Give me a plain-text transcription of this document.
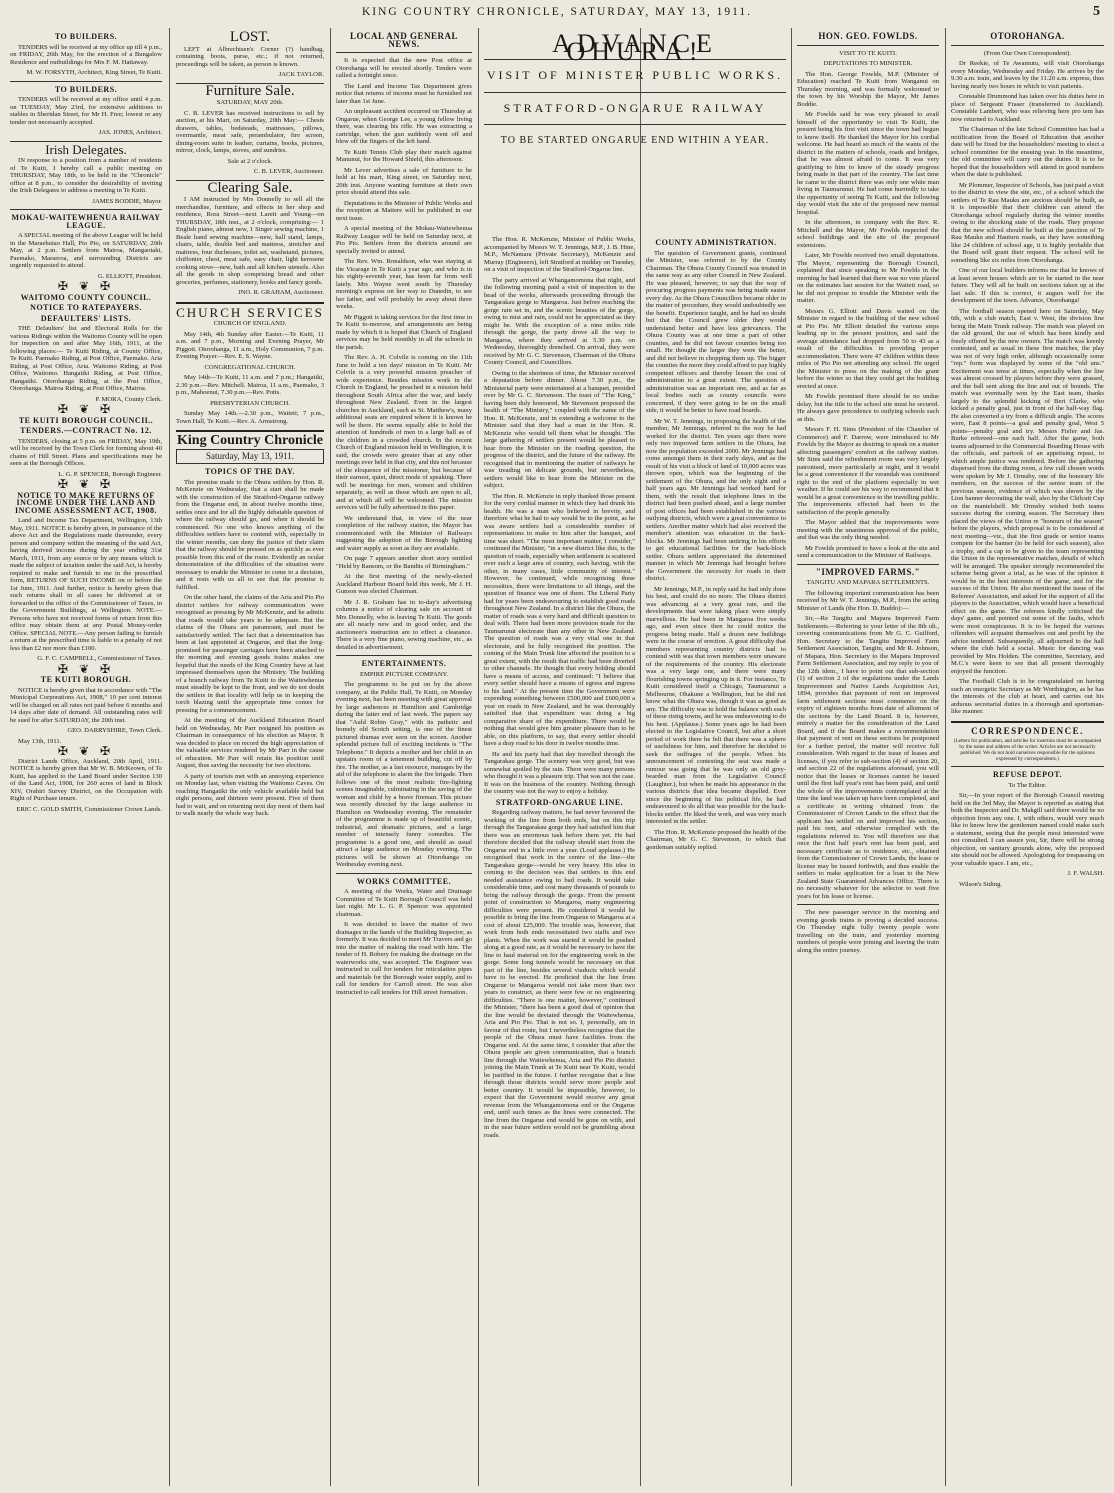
KING COUNTRY CHRONICLE, SATURDAY, MAY 13, 1911.	5
TO BUILDERS.

TENDERS will be received at my office up till 4 p.m., on FRIDAY, 26th May, for the erection of a Bungalow Residence and outbuildings for Mrs F. M. Hattaway.

M. W. FORSYTH, Architect, King Street, Te Kuiti.

TO BUILDERS.

TENDERS will be received at my office until 4 p.m. on TUESDAY, May 23rd, for extensive additions to stables in Sheridan Street, for Mr H. Free; lowest or any tender not necessarily accepted.

JAS. JONES, Architect.

Irish Delegates.

IN response to a position from a number of residents of Te Kuiti, I hereby call a public meeting on THURSDAY, May 18th, to be held in the "Chronicle" office at 8 p.m., to consider the desirability of inviting the Irish Delegates to address a meeting in Te Kuiti.

JAMES BODDIE, Mayor.

MOKAU-WAITEWHENUA RAILWAY LEAGUE.

A SPECIAL meeting of the above League will be held in the Maraehuiao Hall, Pio Pio, on SATURDAY, 20th May, at 2 p.m. Settlers from Mairoa, Mangaotaki, Paemako, Maraeroa, and surrounding Districts are urgently requested to attend.

G. ELLIOTT, President.

✠ ❦ ✠
WAITOMO COUNTY COUNCIL.
NOTICE TO RATEPAYERS.
DEFAULTERS' LISTS.

THE Defaulters' list and Electoral Rolls for the various Ridings within the Waitomo County will be open for inspection on and after May 16th, 1911, at the following places:— Te Kuiti Riding, at County Office, Te Kuiti. Paemako Riding, at Post Office, Paemako. Aria Riding, at Post Office, Aria. Waitomo Riding, at Post Office, Waitomo. Hangatiki Riding, at Post Office, Hangatiki. Otorohanga Riding, at the Post Office, Otorohanga. Mairoa Riding, at Post Office, Mairoa.

P. MORA, County Clerk.

✠ ❦ ✠
TE KUITI BOROUGH COUNCIL.
TENDERS.—CONTRACT No. 12.

TENDERS, closing at 5 p.m. on FRIDAY, May 19th, will be received by the Town Clerk for forming about 40 chains of Hill Street. Plans and specifications may be seen at the Borough Offices.

L. G. P. SPENCER, Borough Engineer.

✠ ❦ ✠
NOTICE TO MAKE RETURNS OF INCOME UNDER THE LAND AND INCOME ASSESSMENT ACT, 1908.

Land and Income Tax Department, Wellington, 13th May, 1911. NOTICE is hereby given, in pursuance of the above Act and the Regulations made thereunder, every person and company within the meaning of the said Act, having derived income during the year ending 31st March, 1911, from any source or by any means which is made the subject of taxation under the said Act, is hereby required to make and furnish to me in the prescribed form, RETURNS OF SUCH INCOME on or before the 1st June, 1911. And further, notice is hereby given that such returns shall in all cases be delivered at or forwarded to the office of the Commissioner of Taxes, in the Government Buildings, at Wellington. NOTE.—Persons who have not received forms of return from this office may obtain them at any Postal Money-order Office. SPECIAL NOTE.—Any person failing to furnish a return at the prescribed time is liable to a penalty of not less than £2 nor more than £100.

G. F. C. CAMPBELL, Commissioner of Taxes.

✠ ❦ ✠
TE KUITI BOROUGH.

NOTICE is hereby given that in accordance with "The Municipal Corporations Act, 1908," 10 per cent interest will be charged on all rates not paid before 6 months and 14 days after date of demand. All outstanding rates will be sued for after SATURDAY, the 20th inst.

GEO. DARRYSHIRE, Town Clerk.

May 13th, 1911.

✠ ❦ ✠

District Lands Office, Auckland, 20th April, 1911. NOTICE is hereby given that Mr W. B. McKeown, of Te Kuiti, has applied to the Land Board under Section 130 of the Land Act, 1908, for 260 acres of land in Block XIV, Orahiri Survey District, on the Occupation with Right of Purchase tenure.

ERIC C. GOLD SMITH, Commissioner Crown Lands.

LOST.

LEFT at Albrechtsen's Corner (?) handbag, containing boots, purse, etc.; if not returned, proceedings will be taken, as person is known.

JACK TAYLOR.

Furniture Sale.

SATURDAY, MAY 20th.

C. B. LEVER has received instructions to sell by auction, at his Mart, on Saturday, 20th May:— Chests drawers, tables, bedsteads, mattresses, pillows, overmantle, meat safe, perambulator, fire screen, dining-room suite in leather, curtains, books, pictures, mirror, clock, lamps, stoves, and sundries.

Sale at 2 o'clock.

C. B. LEVER, Auctioneer.

Clearing Sale.

I AM instructed by Mrs Donnelly to sell all the merchandise, furniture, and effects in her shop and residence, Rora Street—next Lareit and Young—on THURSDAY, 18th inst., at 2 o'clock, comprising:— 1 English piano, almost new, 1 Singer sewing machine, 1 Beale hand sewing machine—new, hall stand, lamps, chairs, table, double bed and mattress, stretcher and mattress, four duchesses, toilet set, washstand, pictures, chiffonier, chest, meat safe, easy chair, light kerosene cooking stove—new, bath and all kitchen utensils. Also all the goods in shop comprising bread and other groceries, perfumes, stationery, books and fancy goods.

JNO. R. GRAHAM, Auctioneer.

CHURCH SERVICES

CHURCH OF ENGLAND.

May 14th, 4th Sunday after Easter.—Te Kuiti, 11 a.m. and 7 p.m., Morning and Evening Prayer, Mr Piggott. Otorohanga, 11 a.m., Holy Communion, 7 p.m. Evening Prayer.—Rev. E. S. Wayne.

CONGREGATIONAL CHURCH.

May 14th—Te Kuiti, 11 a.m. and 7 p.m.; Hangatiki, 2.30 p.m.—Rev. Mitchell. Mairoa, 11 a.m., Paemako, 3 p.m., Mahoenui, 7.30 p.m.—Rev. Potts.

PRESBYTERIAN CHURCH.

Sunday May 14th.—2.30 p.m., Waiteti; 7 p.m., Town Hall, Te Kuiti.—Rev. A. Armstrong.

King Country Chronicle

Saturday, May 13, 1911.

TOPICS OF THE DAY.

The promise made to the Ohura settlers by Hon. R. McKenzie on Wednesday, that a start shall be made with the construction of the Stratford-Ongarue railway from the Ongarue end, in about twelve months time, settles once and for all the highly debatable question of where the railway should go, and when it should be commenced. No one who knows anything of the difficulties settlers have to contend with, especially in the winter months, can deny the justice of their claim that the railway should be pressed on as quickly as ever possible from this end of the route. Evidently an ocular demonstration of the difficulties of the situation were necessary to enable the Minister to come to a decision, and it rests with us all to see that the promise is fulfilled.

On the other hand, the claims of the Aria and Pio Pio district settlers for railway communication were recognised as pressing by Mr McKenzie, and he admits that roads would take years to be adequate. But the claims of the Ohura are paramount, and must be satisfactorily settled. The fact that a determination has been at last appointed at Ongarue, and that the long-promised for passenger carriages have been attached to the morning and evening goods trains makes one hopeful that the needs of the King Country have at last impressed themselves upon the Ministry. The building of a branch railway from Te Kuiti to the Waitewhenua must steadily be kept to the front, and we do not doubt the settlers in that locality will help us in keeping the torch blazing until the appropriate time comes for pressing for a commencement.

At the meeting of the Auckland Education Board held on Wednesday, Mr Parr resigned his position as Chairman in consequence of his election as Mayor. It was decided to place on record the high appreciation of the valuable services rendered by Mr Parr in the cause of education. Mr Parr will retain his position until August, thus saving the necessity for two elections.

A party of tourists met with an annoying experience on Monday last, when visiting the Waitomo Caves. On reaching Hangatiki the only vehicle available held but eight persons, and thirteen were present. Five of them had to wait, and on returning next day most of them had to walk nearly the whole way back.

LOCAL AND GENERAL NEWS.

It is expected that the new Post office at Otorohanga will be erected shortly. Tenders were called a fortnight since.

The Land and Income Tax Department gives notice that returns of income must be furnished not later than 1st June.

An unpleasant accident occurred on Thursday at Ongarue, when George Lee, a young fellow living there, was clearing his rifle. He was extracting a cartridge, when the gun suddenly went off and blew off the fingers of the left hand.

Te Kuiti Tennis Club play their match against Manunui, for the Howard Shield, this afternoon.

Mr Lever advertises a sale of furniture to be held at his mart, King street, on Saturday next, 20th inst. Anyone wanting furniture at their own price should attend this sale.

Deputations to the Minister of Public Works and the reception at Mattere will be published in our next issue.

A special meeting of the Mokau-Waitewhenua Railway League will be held on Saturday next, at Pio Pio. Settlers from the districts around are specially invited to attend.

The Rev. Wm. Ronaldson, who was staying at the Vicarage in Te Kuiti a year ago, and who is in his eighty-seventh year, has been far from well lately. Mrs Wayne went south by Thursday morning's express on her way to Dunedin, to see her father, and will probably be away about three weeks.

Mr Piggott is taking services for the first time in Te Kuiti to-morrow, and arrangements are being made by which it is hoped that Church of England services may be held monthly in all the schools in the parish.

The Rev. A. H. Colvile is coming on the 11th June to hold a ten days' mission in Te Kuiti. Mr Colvile is a very powerful mission preacher of wide experience. Besides mission work in the Church in England, he preached in a mission held throughout South Africa after the war, and lately throughout New Zealand. Even in the largest churches in Auckland, such as St. Matthew's, many additional seats are required where it is known he will be there. He seems equally able to hold the attention of hundreds of men in a large hall as of the children in a crowded church. In the recent Church of England mission held in Wellington, it is said, the crowds were greater than at any other meetings ever held in that city, and this not because of the eloquence of the missioner, but because of their earnest, quiet, direct mode of speaking. There will be meetings for men, women and children separately, as well as those which are open to all, and at which all will be welcomed. The mission services will be fully advertised in this paper.

We understand that, in view of the near completion of the railway station, the Mayor has communicated with the Minister of Railways suggesting the adoption of the Borough lighting and water supply as soon as they are available.

On page 7 appears another short story entitled "Held by Ransom, or the Bandits of Birmingham."

At the first meeting of the newly-elected Auckland Harbour Board held this week, Mr J. H. Gunson was elected Chairman.

Mr J. R. Graham has in to-day's advertising columns a notice of clearing sale on account of Mrs Donnelly, who is leaving Te Kuiti. The goods are all nearly new and in good order, and the auctioneer's instruction are to effect a clearance. There is a very fine piano, sewing machine, etc., as detailed in advertisement.

ENTERTAINMENTS.

EMPIRE PICTURE COMPANY.

The programme to be put on by the above company, at the Public Hall, Te Kuiti, on Monday evening next, has been meeting with great approval by large audiences in Hamilton and Cambridge during the latter end of last week. The papers say that "Auld Robin Gray," with its pathetic and homely old Scotch setting, is one of the finest pictured dramas ever seen on the screen. Another splendid picture full of exciting incidents is "The Telephone." It depicts a mother and her child in an upstairs room of a tenement building, cut off by fire. The mother, as a last resource, manages by the aid of the telephone to alarm the fire brigade. Then follows one of the most realistic fire-fighting scenes imaginable, culminating in the saving of the woman and child by a brave fireman. This picture was recently directed by the large audience in Hamilton on Wednesday evening. The remainder of the programme is made up of beautiful scenic, industrial, and dramatic pictures, and a large number of intensely funny comedies. The programme is a good one, and should as usual attract a large audience on Monday evening. The pictures will be shown at Otorohanga on Wednesday evening next.

WORKS COMMITTEE.

A meeting of the Works, Water and Drainage Committee of Te Kuiti Borough Council was held last night. Mr L. G. P. Spencer was appointed chairman.

It was decided to leave the matter of two drainages in the hands of the Building Inspector, as formerly. It was decided to meet Mr Travers and go into the matter of making the road with him. The tender of H. Robery for making the drainage on the waterworks site, was accepted. The Engineer was instructed to call for tenders for reticulation pipes and materials for the Borough water supply, and to call for tenders for Carroll street. He was also instructed to call tenders for Hill street formation.

ADVANCE OHURA!
VISIT OF MINISTER PUBLIC WORKS.
STRATFORD-ONGARUE RAILWAY
TO BE STARTED ONGARUE END WITHIN A YEAR.

The Hon. R. McKenzie, Minister of Public Works, accompanied by Messrs W. T. Jennings, M.P., J. B. Hine, M.P., McNamara (Private Secretary), McKenzie and Murray (Engineers), left Stratford at midday on Tuesday, on a visit of inspection of the Stratford-Ongarue line.

The party arrived at Whangamomona that night, and the following morning paid a visit of inspection to the head of the works, afterwards proceeding through the Tangarakau gorge to Mangaroa. Just before reaching the gorge rain set in, and the scenic beauties of the gorge, owing to mist and rain, could not be appreciated as they might be. With the exception of a nine miles ride through the gorge, the party drove all the way to Mangaroa, where they arrived at 5.30 p.m. on Wednesday, thoroughly drenched. On arrival, they were received by Mr G. C. Stevenson, Chairman of the Ohura County Council, and Councillors.

Owing to the shortness of time, the Minister received a deputation before dinner. About 7.30 p.m., the Ministerial party were entertained at a banquet, presided over by Mr G. C. Stevenson. The toast of "The King," having been duly honoured, Mr Stevenson proposed the health of "The Ministry," coupled with the name of the Hon. R. McKenzie, and in extending a welcome to the Minister said that they had a man in the Hon. R. McKenzie who would tell them what he thought. The large gathering of settlers present would be pleased to hear from the Minister on the roading question, the progress of the district, and the future of the railway. He recognised that in mentioning the matter of railways he was treading on delicate grounds, but nevertheless, settlers would like to hear from the Minister on the subject.

The Hon. R. McKenzie in reply thanked those present for the very cordial manner in which they had drunk his health. He was a man who believed in brevity, and therefore what he had to say would be to the point, as he was aware settlers had a considerable number of representations to make to him after the banquet, and time was short. "The most important matter, I consider," continued the Minister, "in a new district like this, is the question of roads, especially when settlement is scattered over such a large area of country, each having, with the other, in many cases, little community of interest." However, he continued, while recognising these necessities, there were limitations to all things, and the question of finance was one of them. The Liberal Party had for years been endeavouring to establish good roads throughout New Zealand. In a district like the Ohura, the matter of roads was a very hard and difficult question to deal with. There had been more provision made for the Taumarunui electorate than any other in New Zealand. The question of roads was a very vital one in that electorate, and he fully recognised the position. The coming of the Main Trunk line affected the position to a great extent, with the result that traffic had been diverted to other channels. He thought that every holding should have a means of access, and continued: "I believe that every settler should have a means of egress and ingress to his land." At the present time the Government were expending something between £500,000 and £600,000 a year on roads in New Zealand, and he was thoroughly satisfied that that expenditure was doing a big comparative share of the expenditure. There would be nothing that would give him greater pleasure than to be able, on this platform, to say, that every settler should have a dray road to his door in twelve months time.

He and his party had that day travelled through the Tangarakau gorge. The scenery was very good, but was somewhat spoiled by the rain. There were many persons who thought it was a pleasure trip. That was not the case. It was on the business of the country. Nothing through the country was not the way to enjoy a holiday.

STRATFORD-ONGARUE LINE.

Regarding railway matters, he had never favoured the working of the line from both ends, but on this trip through the Tangarakau gorge they had satisfied him that there was an enormous task before them yet. He had therefore decided that the railway should start from the Ongarue end in a little over a year. (Loud applause.) He recognised that work in the centre of the line—the Tangarakau gorge—would be very heavy. His idea in coming to the decision was that settlers in this end needed assistance owing to bad roads. It would take considerable time, and cost many thousands of pounds to bring the railway through the gorge. From the present point of construction to Mangaroa, many engineering difficulties were present. He considered it would be possible to bring the line from Ongarue to Mangaroa at a cost of about £25,000. The trouble was, however, that work from both ends necessitated two staffs and two plants. When the work was started it would be pushed along at a good rate, as it would be necessary to have the line to haul material on for the engineering work in the gorge. Some long tunnels would be necessary on that part of the line, besides several viaducts which would have to be erected. He predicted that the line from Ongarue to Mangaroa would not take more than two years to construct, as there were few or no engineering difficulties. "There is one matter, however," continued the Minister, "there has been a good deal of opinion that the line would be deviated through the Waitewhenua, Aria and Pio Pio. That is not so. I, personally, am in favour of that route, but I nevertheless recognise that the people of the Ohura must have facilities from the Ongarue end. At the same time, I consider that after the Ohura people are given communication, that a branch line through the Waitewhenua, Aria and Pio Pio district joining the Main Trunk at Te Kuiti near Te Kuiti, would be justified in the future. I further recognise that a line through those districts would serve more people and better country. It would be impossible, however, to expect that the Government would receive any great revenue from the Whangamomona end or the Ongarue end, until such times as the lines were connected. The line from the Ongarue end would be gone on with, and in the near future settlers would not be grumbling about roads.

COUNTY ADMINISTRATION.

The question of Government grants, continued the Minister, was referred to by the County Chairman. The Ohura County Council was treated in the same way as any other Council in New Zealand. He was pleased, however, to say that the way of procuring progress payments was being made easier every day. As the Ohura Councillors became older in the matter of procedure, they would undoubtedly see the benefit. Experience taught, and he had no doubt but that the Council grew older they would understand better and have less grievances. The Ohura County was at one time a part of other counties, and he did not favour counties being too small. He thought the larger they were the better, and did not believe in chopping them up. The bigger the counties the more they could afford to pay highly competent officers and thereby lessen the cost of administration to a great extent. The question of administration was an important one, and as far as local bodies such as county councils were concerned, if they were going to be on the small side, it would be better to have road boards.

Mr W. T. Jennings, in proposing the health of the member, Mr Jennings, referred to the way he had worked for the district. Ten years ago there were only two improved farm settlers in the Ohura, but now the population exceeded 2000. Mr Jennings had come amongst them in their early days, and as the result of his visit a block of land of 10,000 acres was thrown open, which was the beginning of the settlement of the Ohura, and the only eight and a half years ago. Mr Jennings had worked hard for them, with the result that telephone lines in the district had been pushed ahead, and a large number of post offices had been established in the various outlying districts, which were a great convenience to settlers. Another matter which had also received the member's attention was education in the back-blocks. Mr Jennings had been untiring in his efforts to get educational facilities for the back-block settler. Ohura settlers appreciated the determined manner in which Mr Jennings had brought before the Government the necessity for roads in their district.

Mr Jennings, M.P., in reply said he had only done his best, and could do no more. The Ohura district was advancing at a very great rate, and the developments that were taking place were simply marvellous. He had been in Mangaroa five weeks ago, and even since then he could notice the progress being made. Half a dozen new buildings were in the course of erection. A great difficulty that members representing country districts had to contend with was that town members were unaware of the requirements of the country. His electorate was a very large one, and there were many flourishing towns springing up in it. For instance, Te Kuiti considered itself a Chicago, Taumarunui a Melbourne, Ohakune a Wellington, but he did not know what the Ohura was, though it was as good as any. The difficulty was to hold the balance with each of these rising towns, and he was endeavouring to do his best. (Applause.) Some years ago he had been elected to the Legislative Council, but after a short period of work there he felt that there was a sphere of usefulness for him, and therefore he decided to seek the suffrages of the people. When his announcement of contesting the seat was made a rumour was going that he was only an old grey-bearded man from the Legislative Council (Laughter.), but when he made his appearance in the various districts that idea became dispelled. Ever since the beginning of his political life, he had endeavoured to do all that was possible for the back-blocks settler. He liked the work, and was very much interested in the settler.

The Hon. R. McKenzie proposed the health of the Chairman, Mr G. C. Stevenson, to which that gentleman suitably replied.

HON. GEO. FOWLDS.

VISIT TO TE KUITI.

DEPUTATIONS TO MINISTER.

The Hon. George Fowlds, M.P. (Minister of Education) reached Te Kuiti from Wanganui on Thursday morning, and was formally welcomed to the town by his Worship the Mayor, Mr James Boddie.

Mr Fowlds said he was very pleased to avail himself of the opportunity to visit Te Kuiti, the present being his first visit since the town had begun to know itself. He thanked the Mayor for his cordial welcome. He had heard so much of the wants of the district in the matters of schools, roads and bridges, that he was almost afraid to come. It was very gratifying to him to know of the steady progress being made in that part of the country. The last time he came to the district there was only one white man living in Taumarunui. He had come hurriedly to take the opportunity of seeing Te Kuiti, and the following day would visit the site of the proposed new mental hospital.

In the afternoon, in company with the Rev. R. Mitchell and the Mayor, Mr Fowlds inspected the school buildings and the site of the proposed extensions.

Later, Mr Fowlds received two small deputations. The Mayor, representing the Borough Council, explained that since speaking to Mr Fowlds in the morning he had learned that there was no vote placed on the estimates last session for the Waiteti road, so he did not propose to trouble the Minister with the matter.

Messrs G. Elliott and Davis waited on the Minister in regard to the building of the new school at Pio Pio. Mr Elliott detailed the various steps leading up to the present position, and said the average attendance had dropped from 50 to 43 as a result of the difficulties in providing proper accommodation. There were 47 children within three miles of Pio Pio not attending any school. He urged the Minister to press on the making of the grant before the winter so that they could get the building erected at once.

Mr Fowlds promised there should be no undue delay, but the title to the school site must be secured. He always gave precedence to outlying schools such as this.

Messrs F. H. Sims (President of the Chamber of Commerce) and F. Darrow, were introduced to Mr Fowlds by the Mayor as desiring to speak on a matter affecting passengers' comfort at the railway station. Mr Sims said the refreshment room was very largely patronised, more particularly at night, and it would be a great convenience if the verandah was continued right to the end of the platform especially in wet weather. If he could see his way to recommend that it would be a great convenience to the travelling public. The improvements effected had been to the satisfaction of the people generally.

The Mayor added that the improvements were meeting with the unanimous approval of the public, and that was the only thing needed.

Mr Fowlds promised to have a look at the site and send a communication to the Minister of Railways.

"IMPROVED FARMS."

TANGITU AND MAPARA SETTLEMENTS.

The following important communication has been received by Mr W. T. Jennings, M.P., from the acting Minister of Lands (the Hon. D. Buddo):—

Sir,—Re Tangitu and Mapara Improved Farm Settlements.—Referring to your letter of the 8th ult., covering communications from Mr G. C. Guilford, Hon. Secretary to the Tangitu Improved Farm Settlement Association, Tangitu, and Mr R. Johnson, of Mapara, Hon. Secretary to the Mapara Improved Farm Settlement Association, and my reply to you of the 12th idem., I have to point out that sub-section (1) of section 2 of the regulations under the Lands Improvement and Native Lands Acquisition Act, 1894, provides that payment of rent on improved farm settlement sections must commence on the expiry of eighteen months from date of allotment of the sections by the Land Board. It is, however, entirely a matter for the consideration of the Land Board, and if the Board makes a recommendation that payment of rent on these sections be postponed for a further period, the matter will receive full consideration. With regard to the issue of leases and licenses, if you refer to sub-section (4) of section 20, and section 22 of the regulations aforesaid, you will notice that the leases or licenses cannot be issued until the first half year's rent has been paid, and until the whole of the improvements contemplated at the time the land was taken up have been completed, and a certificate in writing obtained from the Commissioner of Crown Lands to the effect that the applicant has settled on and improved his section, paid his rent, and otherwise complied with the regulations referred to. You will therefore see that once the first half year's rent has been paid, and necessary certificate as to residence, etc., obtained from the Commissioner of Crown Lands, the lease or license may be issued forthwith, and thus enable the settlers to make application for a loan to the New Zealand State Guaranteed Advances Office. There is no necessity whatever for the selector to wait five years for his lease or license.

The new passenger service in the morning and evening goods trains is proving a decided success. On Thursday night fully twenty people were travelling on the train, and yesterday morning numbers of people were joining and leaving the train along the entire journey.

OTOROHANGA.

(From Our Own Correspondent).

Dr Reekie, of Te Awamutu, will visit Otorohanga every Monday, Wednesday and Friday. He arrives by the 9.30 a.m. train, and leaves by the 11.20 a.m. express, thus having nearly two hours in which to visit patients.

Constable Drummond has taken over his duties here in place of Sergeant Fraser (transferred to Auckland). Constable Lambert, who was relieving here pro tem has now returned to Auckland.

The Chairman of the late School Committee has had a notification from the Board of Education that another date will be fixed for the householders' meeting to elect a school committee for the ensuing year. In the meantime, the old committee will carry out the duties. It is to be hoped that the householders will attend in good numbers when the date is published.

Mr Plommer, Inspector of Schools, has just paid a visit to the district to view the site, etc., of a school which the settlers of Te Rau Mauku are anxious should be built, as it is impossible that their children can attend the Otorohanga school regularly during the winter months owing to the shocking state of the roads. They propose that the new school should be built at the junction of Te Rau Mauku and Hauturu roads, as they have something like 24 children of school age, it is highly probable that the Board will grant their request. The school will be something like six miles from Otorohanga.

One of our local builders informs me that he knows of at least seven houses which are to be started in the near future. They will all be built on sections taken up at the last sale. If this is correct, it augurs well for the development of the town. Advance, Otorohanga!

The football season opened here on Saturday, May 6th, with a club match, East v. West, the division line being the Main Trunk railway. The match was played on the old ground, the use of which has been kindly and freely offered by the new owners. The match was keenly contested, and as usual in these first matches, the play was not of very high order, although occasionally some "rep." form was displayed by some of the "old uns." Excitement was tense at times, especially when the line was almost crossed by players before they were grassed, and the ball sent along the line and out of bounds. The match was eventually won by the East team, thanks largely to the splendid kicking of Bert Clarke, who kicked a penalty goal, just in front of the half-way flag. He also converted a try from a difficult angle. The scores were, East 8 points—a goal and penalty goal, West 5 points—penalty goal and try. Messrs Fiefer and Jas. Burke refereed—one each half. After the game, both teams adjourned to the Commercial Boarding House with the officials, and partook of an appetising repast, to which ample justice was rendered. Before the gathering dispersed from the dining room, a few cull chosen words were spoken by Mr J. Ormsby, one of the honorary life members, on the success of the senior team of the previous season, evidence of which was shown by the Lion banner decorating the wall, also by the Chilcutt Cup on the mantelshelf. Mr Ormsby wished both teams success during the coming season. The Secretary then placed the views of the Union re "honours of the season" before the players, which proposal is to be considered at next meeting—viz., that the first grade or senior teams compete for the banner (to be held for each season), also a trophy, and a cap to be given to the team representing the Union in the representative matches, details of which will be arranged. The speaker strongly recommended the scheme being given a trial, as he was of the opinion it would be in the best interests of the game, and for the success of the Union. He also mentioned the issue of the Referees' Association, and asked for the support of all the players to the Association, which would have a beneficial effect on the game. The referees kindly criticised the days' game, and pointed out some of the faults, which were most conspicuous. It is to be hoped the various offenders will acquaint themselves out and profit by the advice tendered. Subsequently, all adjourned to the hall where the club held a social. Music for dancing was provided by Mrs Holden. The committee, Secretary, and M.C.'s were keen to see that all present thoroughly enjoyed the function.

The Football Club is to be congratulated on having such an energetic Secretary as Mr Worthington, as he has the interests of the club at heart, and carries out his arduous secretarial duties in a thorough and sportsman-like manner.

CORRESPONDENCE.

(Letters for publication, and articles for insertion must be accompanied by the name and address of the writer. Articles are not necessarily published. We do not hold ourselves responsible for the opinions expressed by correspondents.)

REFUSE DEPOT.

To The Editor.

Sir,—In your report of the Borough Council meeting held on the 3rd May, the Mayor is reported as stating that both the Inspector and Dr. Makgill said there would be no objection from any one. I, with others, would very much like to know how the gentlemen named could make such a statement, seeing that the people most interested were not consulted. I can assure you, Sir, there will be strong objection, on sanitary grounds alone, why the proposed site should not be allowed. Apologising for trespassing on your valuable space. I am, etc.,

J. F. WALSH.

Wilson's Siding.
